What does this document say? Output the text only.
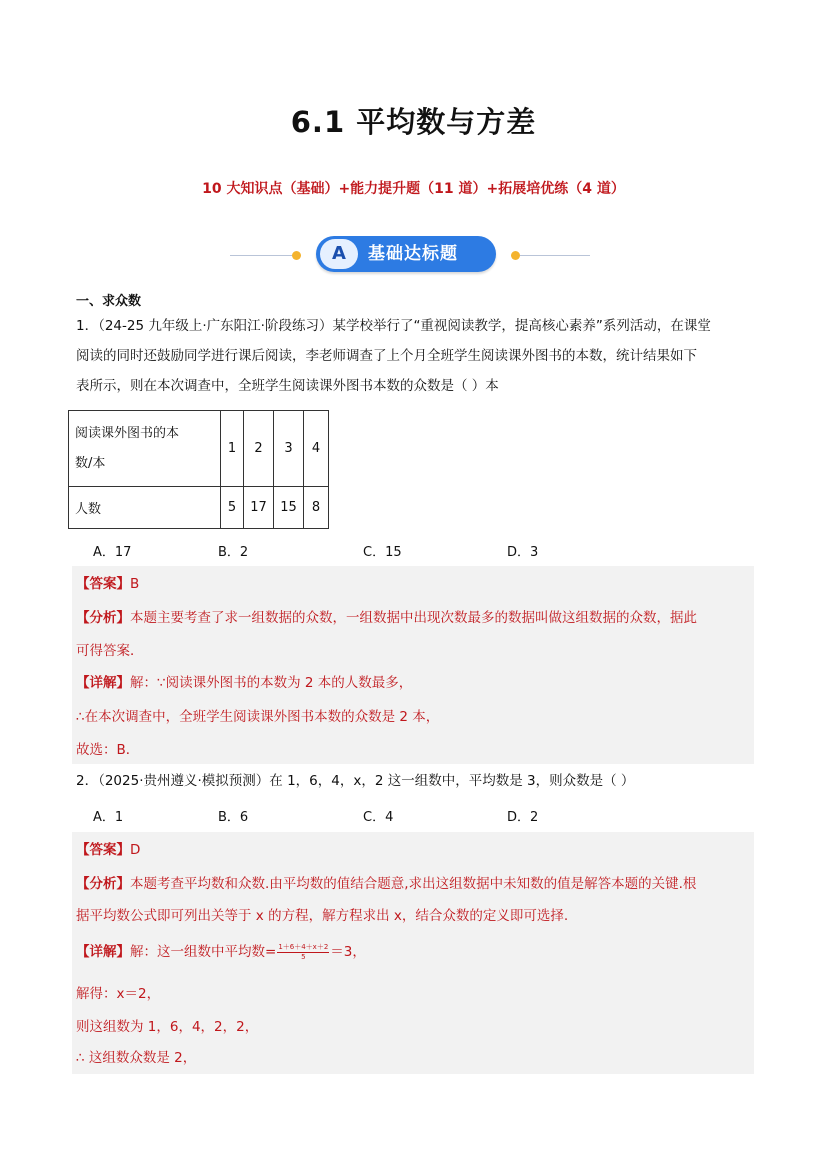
6.1 平均数与方差
10 大知识点（基础）+能力提升题（11 道）+拓展培优练（4 道）
A	基础达标题
一、求众数
1．（24-25 九年级上·广东阳江·阶段练习）某学校举行了“重视阅读教学，提高核心素养”系列活动，在课堂
阅读的同时还鼓励同学进行课后阅读，李老师调查了上个月全班学生阅读课外图书的本数，统计结果如下
表所示，则在本次调查中，全班学生阅读课外图书本数的众数是（ ）本
阅读课外图书的本
数/本	1	2	3	4
人数	5	17	15	8
A．17	B．2	C．15	D．3
【答案】B
【分析】本题主要考查了求一组数据的众数，一组数据中出现次数最多的数据叫做这组数据的众数，据此
可得答案．
【详解】解：∵阅读课外图书的本数为 2 本的人数最多，
∴在本次调查中，全班学生阅读课外图书本数的众数是 2 本，
故选：B．
2．（2025·贵州遵义·模拟预测）在 1，6，4，x，2 这一组数中，平均数是 3，则众数是（ ）
A．1	B．6	C．4	D．2
【答案】D
【分析】本题考查平均数和众数.由平均数的值结合题意,求出这组数据中未知数的值是解答本题的关键.根
据平均数公式即可列出关等于 x 的方程，解方程求出 x，结合众数的定义即可选择.
【详解】解：这一组数中平均数= $\frac{1+6+4+x+2}{5} =3$，
解得：x＝2，
则这组数为 1，6，4，2，2，
∴ 这组数众数是 2，
